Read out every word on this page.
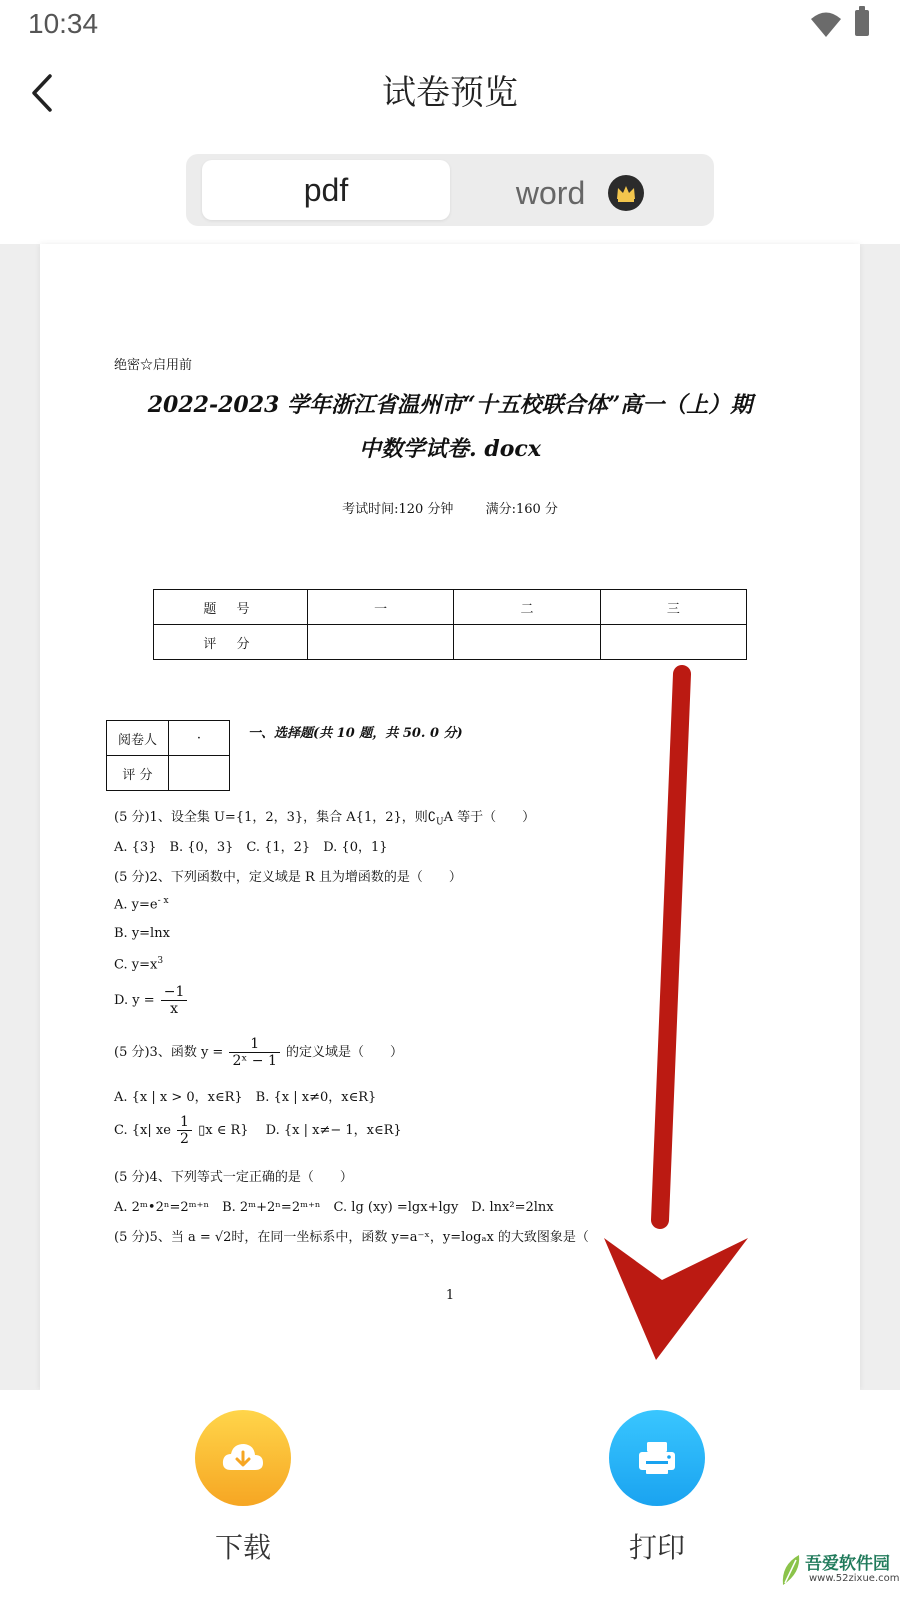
10:34
试卷预览
pdf	word
绝密☆启用前
2022-2023 学年浙江省温州市“十五校联合体”高一（上）期
中数学试卷. docx
考试时间:120 分钟 满分:160 分
题 号	一	二	三
评 分			
阅卷人	·
评 分	
一、选择题(共 10 题，共 50. 0 分)
(5 分)1、设全集 U={1，2，3}，集合 A{1，2}，则$∁_UA$ 等于（　　）
A. {3}　B. {0，3}　C. {1，2}　D. {0，1}
(5 分)2、下列函数中，定义域是 R 且为增函数的是（　　）
A. $y=e^{- x}$
B. y=lnx
C. $y=x^3$
D. $y = \frac{-1}{x}$
(5 分)3、函数 $y = \frac{1}{\text{2ˣ − 1}}$ 的定义域是（　　）
A. {x | x > 0，x∈R}　B. {x | x≠0，x∈R}
C. {x| xe $\frac{1}{2}$ ▯x ∈ R}　 D. {x | x≠− 1，x∈R}
(5 分)4、下列等式一定正确的是（　　）
A. 2ᵐ•2ⁿ=2ᵐ⁺ⁿ　B. 2ᵐ+2ⁿ=2ᵐ⁺ⁿ　C. lg (xy) =lgx+lgy　D. lnx²=2lnx
(5 分)5、当 a = √2时，在同一坐标系中，函数 y=a⁻ˣ，y=logₐx 的大致图象是（
1
下载	打印	吾爱软件园
www.52zixue.com
